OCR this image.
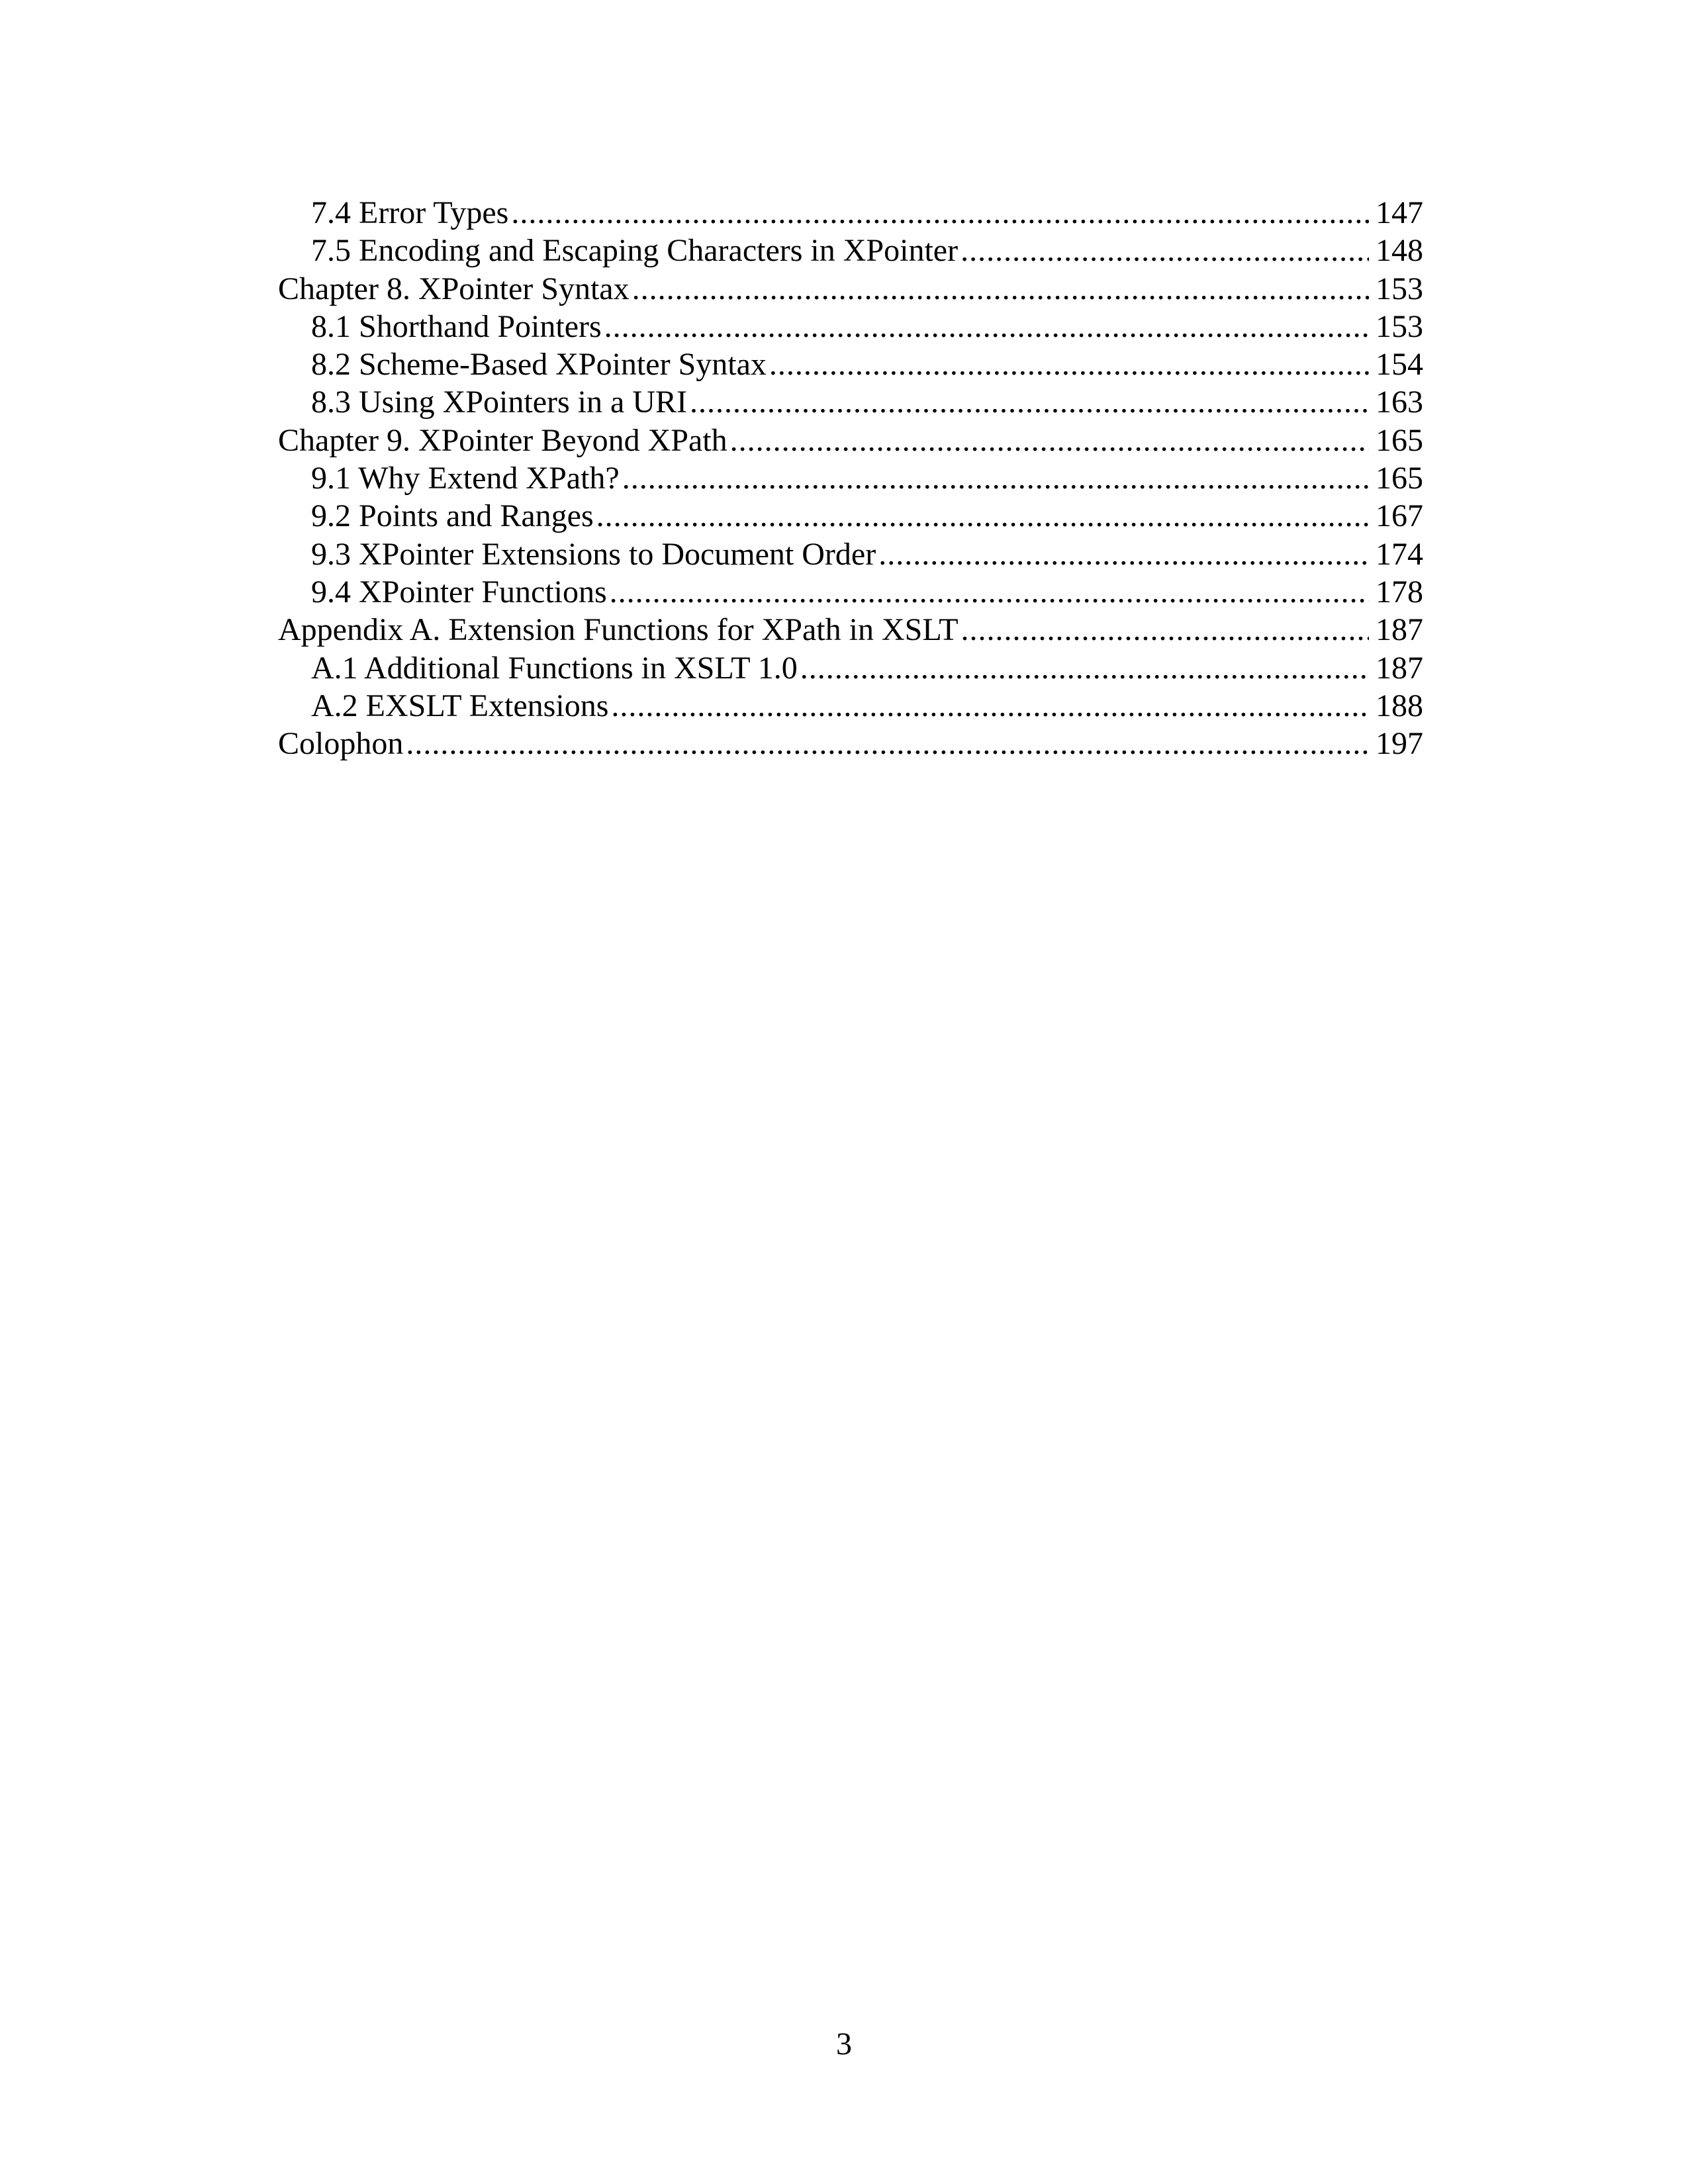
7.4 Error Types .....	147
7.5 Encoding and Escaping Characters in XPointer .....	148
Chapter 8. XPointer Syntax .....	153
8.1 Shorthand Pointers .....	153
8.2 Scheme-Based XPointer Syntax .....	154
8.3 Using XPointers in a URI .....	163
Chapter 9. XPointer Beyond XPath .....	165
9.1 Why Extend XPath? .....	165
9.2 Points and Ranges .....	167
9.3 XPointer Extensions to Document Order .....	174
9.4 XPointer Functions .....	178
Appendix A. Extension Functions for XPath in XSLT .....	187
A.1 Additional Functions in XSLT 1.0 .....	187
A.2 EXSLT Extensions .....	188
Colophon .....	197
3
